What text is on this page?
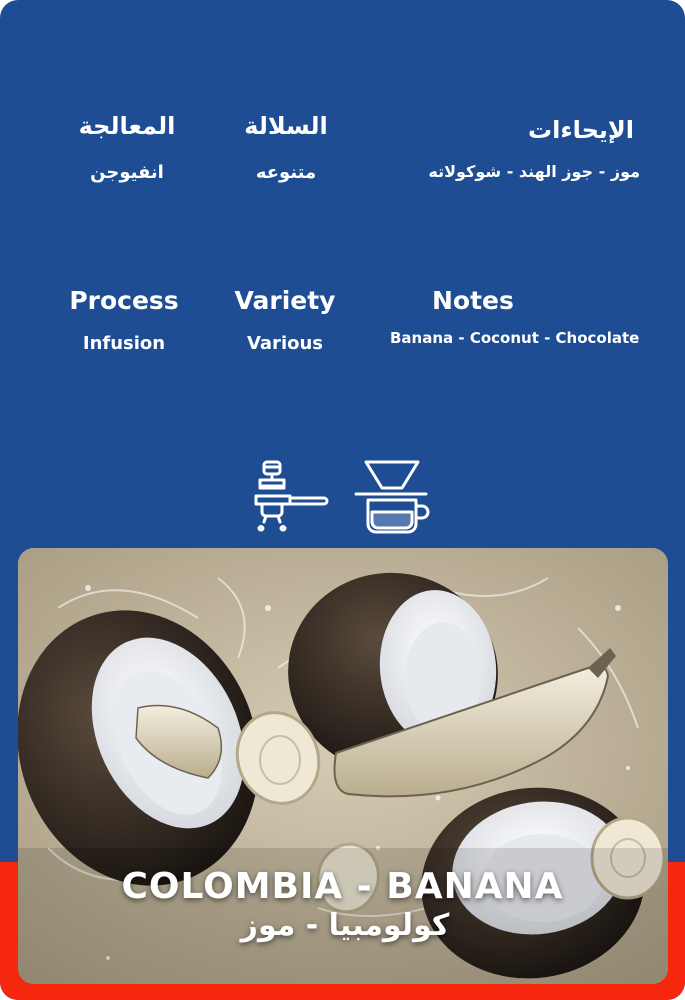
المعالجة
انفيوجن
السلالة
متنوعه
الإيحاءات
موز - جوز الهند - شوكولاته
Process
Infusion
Variety
Various
Notes
Banana - Coconut - Chocolate
COLOMBIA - BANANA
كولومبيا - موز
